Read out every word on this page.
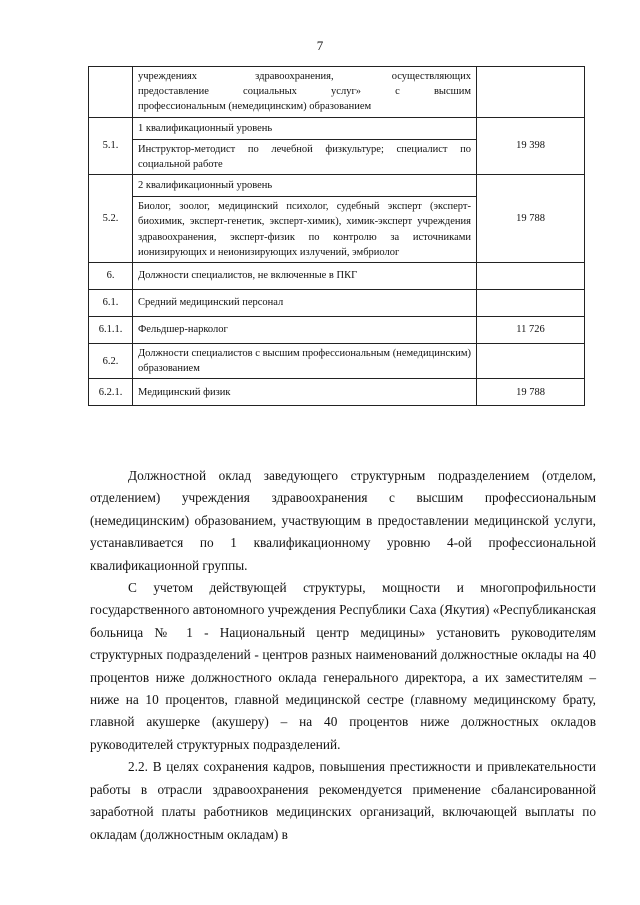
7

	учреждениях здравоохранения, осуществляющих
предоставление социальных услуг» с высшим
профессиональным (немедицинским) образованием	
5.1.	1 квалификационный уровень	19 398
	Инструктор-методист по лечебной физкультуре; специалист по социальной работе	
5.2.	2 квалификационный уровень	19 788
	Биолог, зоолог, медицинский психолог, судебный эксперт (эксперт-биохимик, эксперт-генетик, эксперт-химик), химик-эксперт учреждения здравоохранения, эксперт-физик по контролю за источниками ионизирующих и неионизирующих излучений, эмбриолог	
6.	Должности специалистов, не включенные в ПКГ	
6.1.	Средний медицинский персонал	
6.1.1.	Фельдшер-нарколог	11 726
6.2.	Должности специалистов с высшим профессиональным (немедицинским) образованием	
6.2.1.	Медицинский физик	19 788

Должностной оклад заведующего структурным подразделением (отделом, отделением) учреждения здравоохранения с высшим профессиональным (немедицинским) образованием, участвующим в предоставлении медицинской услуги, устанавливается по 1 квалификационному уровню 4-ой профессиональной квалификационной группы.

С учетом действующей структуры, мощности и многопрофильности государственного автономного учреждения Республики Саха (Якутия) «Республиканская больница № 1 - Национальный центр медицины» установить руководителям структурных подразделений - центров разных наименований должностные оклады на 40 процентов ниже должностного оклада генерального директора, а их заместителям – ниже на 10 процентов, главной медицинской сестре (главному медицинскому брату, главной акушерке (акушеру) – на 40 процентов ниже должностных окладов руководителей структурных подразделений.

2.2. В целях сохранения кадров, повышения престижности и привлекательности работы в отрасли здравоохранения рекомендуется применение сбалансированной заработной платы работников медицинских организаций, включающей выплаты по окладам (должностным окладам) в
